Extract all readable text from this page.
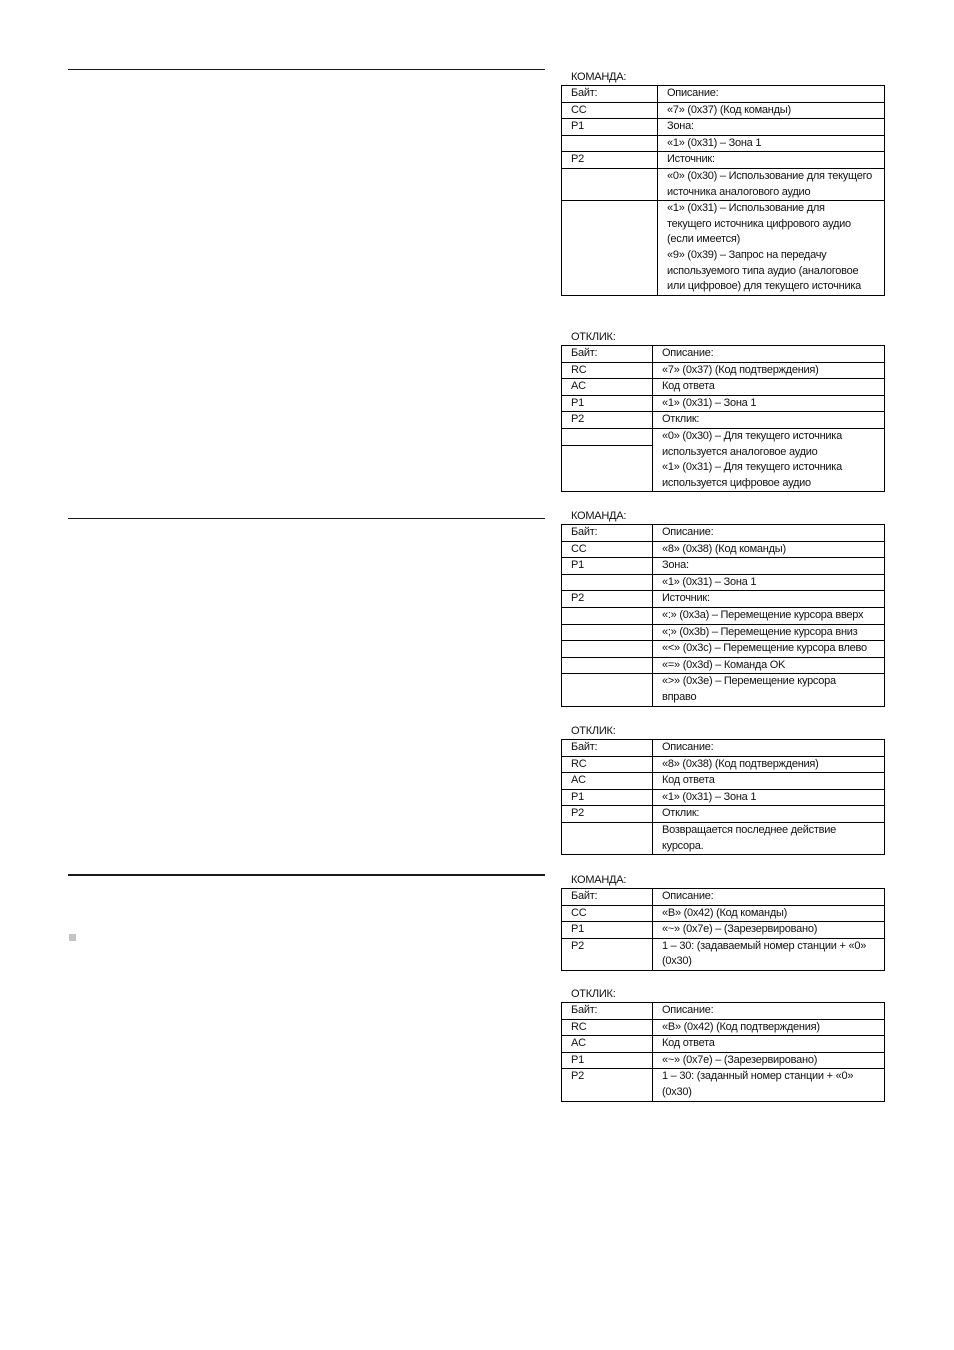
КОМАНДА:
Байт:	Описание:
CC	«7» (0x37) (Код команды)
P1	Зона:
«1» (0x31) – Зона 1
P2	Источник:
«0» (0x30) – Использование для текущего
источника аналогового аудио
«1» (0x31) – Использование для
текущего источника цифрового аудио
(если имеется)
«9» (0x39) – Запрос на передачу
используемого типа аудио (аналоговое
или цифровое) для текущего источника
ОТКЛИК:
Байт:	Описание:
RC	«7» (0x37) (Код подтверждения)
AC	Код ответа
P1	«1» (0x31) – Зона 1
P2	Отклик:
«0» (0x30) – Для текущего источника
используется аналоговое аудио
«1» (0x31) – Для текущего источника
используется цифровое аудио
КОМАНДА:
Байт:	Описание:
CC	«8» (0x38) (Код команды)
P1	Зона:
«1» (0x31) – Зона 1
P2	Источник:
«:» (0x3a) – Перемещение курсора вверх
«;» (0x3b) – Перемещение курсора вниз
«<» (0x3c) – Перемещение курсора влево
«=» (0x3d) – Команда OK
«>» (0x3e) – Перемещение курсора
вправо
ОТКЛИК:
Байт:	Описание:
RC	«8» (0x38) (Код подтверждения)
AC	Код ответа
P1	«1» (0x31) – Зона 1
P2	Отклик:
Возвращается последнее действие
курсора.
КОМАНДА:
Байт:	Описание:
CC	«B» (0x42) (Код команды)
P1	«~» (0x7e) – (Зарезервировано)
P2	1 – 30: (задаваемый номер станции + «0»
(0x30)
ОТКЛИК:
Байт:	Описание:
RC	«B» (0x42) (Код подтверждения)
AC	Код ответа
P1	«~» (0x7e) – (Зарезервировано)
P2	1 – 30: (заданный номер станции + «0»
(0x30)
